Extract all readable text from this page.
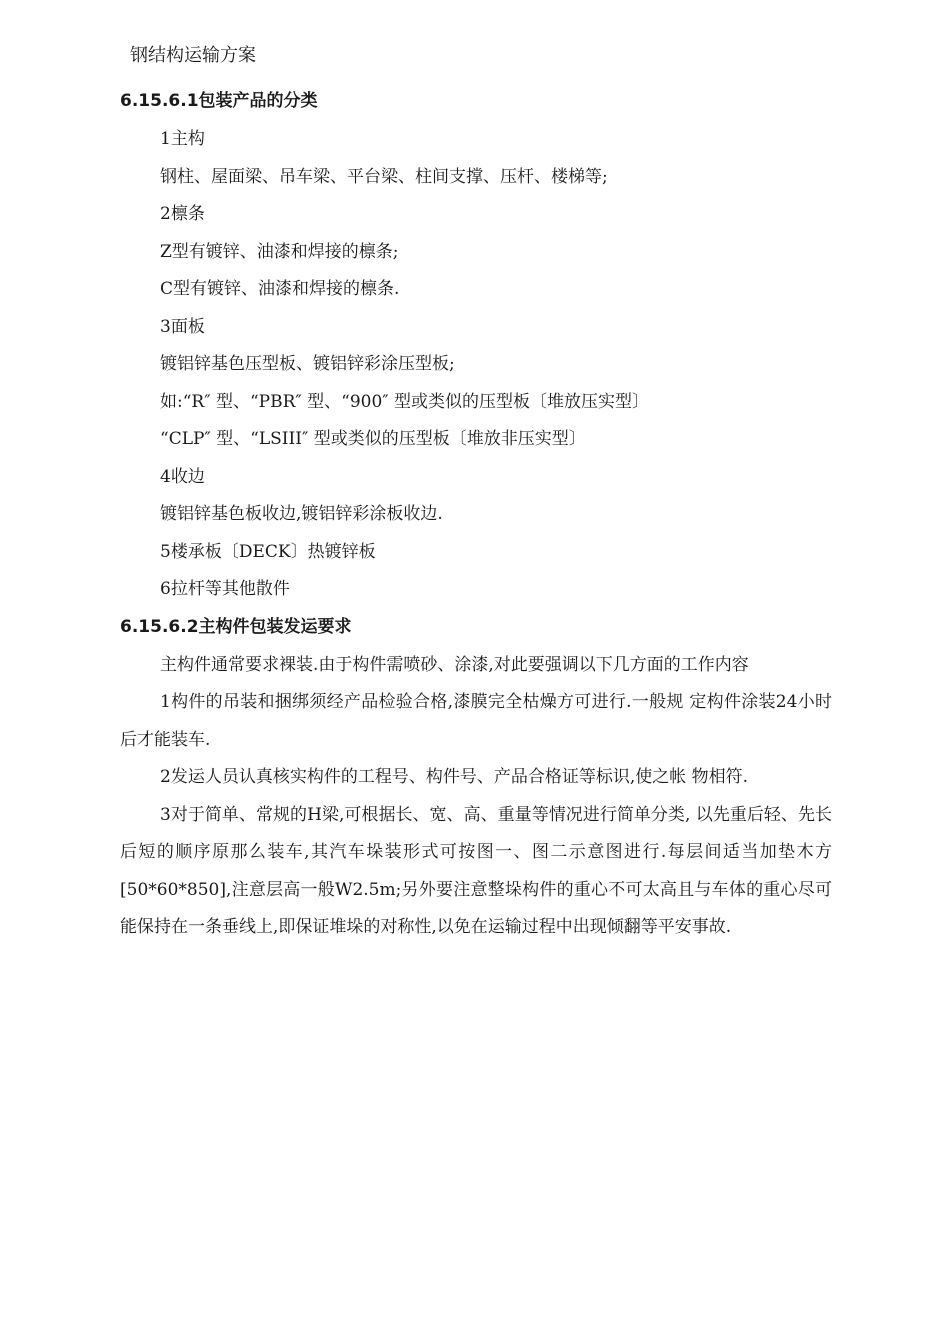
钢结构运输方案
6.15.6.1包装产品的分类
1主构
钢柱、屋面梁、吊车梁、平台梁、柱间支撑、压杆、楼梯等;
2檩条
Z型有镀锌、油漆和焊接的檩条;
C型有镀锌、油漆和焊接的檩条.
3面板
镀铝锌基色压型板、镀铝锌彩涂压型板;
如:“R″ 型、“PBR″ 型、“900″ 型或类似的压型板〔堆放压实型〕
“CLP″ 型、“LSIII″ 型或类似的压型板〔堆放非压实型〕
4收边
镀铝锌基色板收边,镀铝锌彩涂板收边.
5楼承板〔DECK〕热镀锌板
6拉杆等其他散件
6.15.6.2主构件包装发运要求

主构件通常要求裸装.由于构件需喷砂、涂漆,对此要强调以下几方面的工作内容

1构件的吊装和捆绑须经产品检验合格,漆膜完全枯燥方可进行.一般规 定构件涂装24小时后才能装车.

2发运人员认真核实构件的工程号、构件号、产品合格证等标识,使之帐 物相符.

3对于简单、常规的H梁,可根据长、宽、高、重量等情况进行简单分类, 以先重后轻、先长后短的顺序原那么装车,其汽车垛装形式可按图一、图二示意图进行.每层间适当加垫木方[50*60*850],注意层高一般W2.5m;另外要注意整垛构件的重心不可太高且与车体的重心尽可能保持在一条垂线上,即保证堆垛的对称性,以免在运输过程中出现倾翻等平安事故.
